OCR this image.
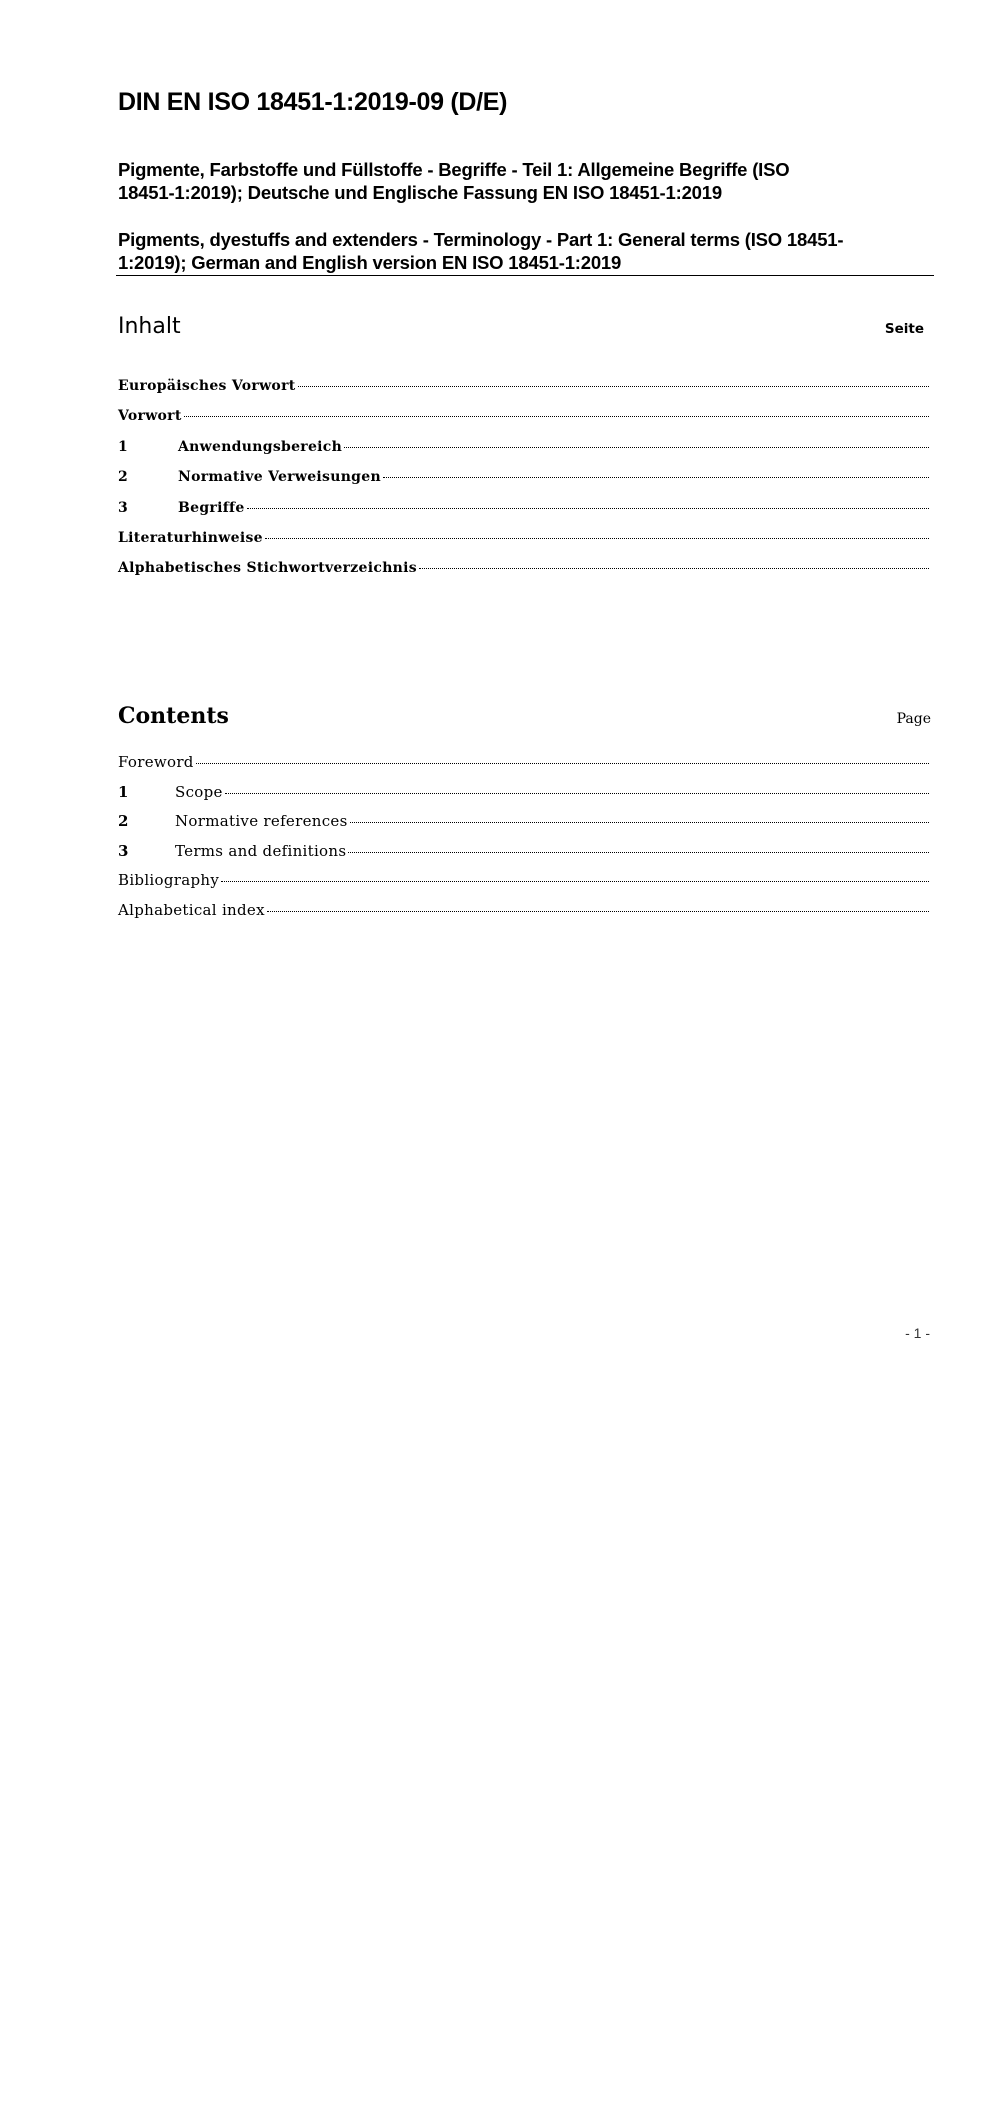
DIN EN ISO 18451-1:2019-09 (D/E)
Pigmente, Farbstoffe und Füllstoffe - Begriffe - Teil 1: Allgemeine Begriffe (ISO
18451-1:2019); Deutsche und Englische Fassung EN ISO 18451-1:2019
Pigments, dyestuffs and extenders - Terminology - Part 1: General terms (ISO 18451-
1:2019); German and English version EN ISO 18451-1:2019
Inhalt	Seite
Europäisches Vorwort
Vorwort
1	Anwendungsbereich
2	Normative Verweisungen
3	Begriffe
Literaturhinweise
Alphabetisches Stichwortverzeichnis
Contents	Page
Foreword
1	Scope
2	Normative references
3	Terms and definitions
Bibliography
Alphabetical index
- 1 -
